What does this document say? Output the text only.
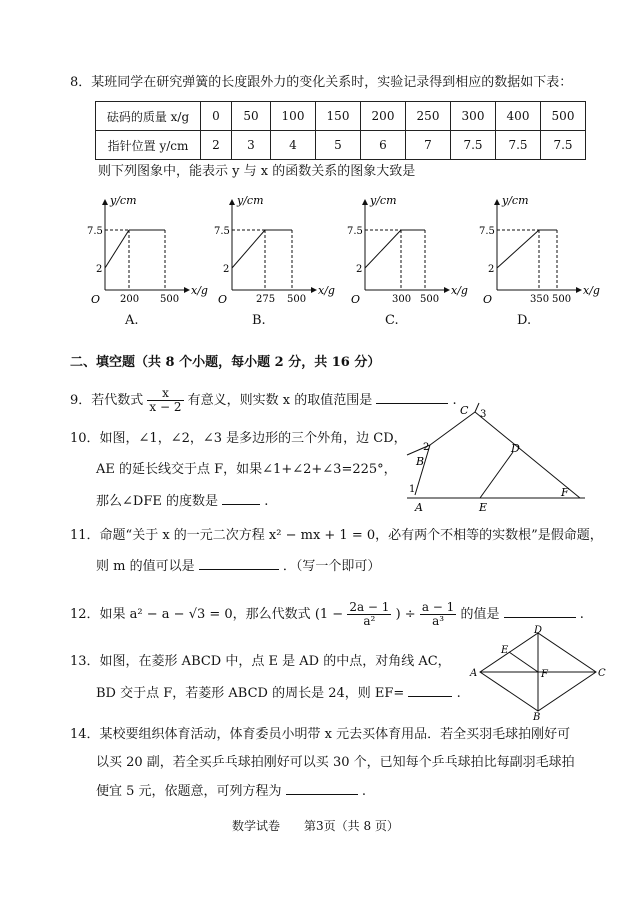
8．某班同学在研究弹簧的长度跟外力的变化关系时，实验记录得到相应的数据如下表：
砝码的质量 x/g	0	50	100	150	200	250	300	400	500
指针位置 y/cm	2	3	4	5	6	7	7.5	7.5	7.5
则下列图象中，能表示 y 与 x 的函数关系的图象大致是
y/cm
7.5
2
O 200 500
x/g
A.
y/cm
7.5
2
O	275 500
x/g
B.
y/cm
7.5
2
O	300 500
x/g
C.
y/cm
7.5
2
O	350 500
x/g
D.
二、填空题（共 8 个小题，每小题 2 分，共 16 分）
9．若代数式 $\frac{x}{x - 2}$ 有意义，则实数 x 的取值范围是	.
10．如图，∠1，∠2，∠3 是多边形的三个外角，边 CD，
AE 的延长线交于点 F，如果∠1+∠2+∠3=225°，
那么∠DFE 的度数是	.
C 3
2
B
D
1
A	E
F
11．命题“关于 x 的一元二次方程 x² − mx + 1 = 0，必有两个不相等的实数根”是假命题，
则 m 的值可以是	．（写一个即可）
12．如果 a² − a − √3 = 0，那么代数式 ($1 - \frac{2a - 1}{\text{a²}}$ ) ÷ $\frac{a - 1}{\text{a³}}$ 的值是	.
13．如图，在菱形 ABCD 中，点 E 是 AD 的中点，对角线 AC，
BD 交于点 F，若菱形 ABCD 的周长是 24，则 EF=	.
D
E
A	F	C
B
14．某校要组织体育活动，体育委员小明带 x 元去买体育用品．若全买羽毛球拍刚好可
以买 20 副，若全买乒乓球拍刚好可以买 30 个，已知每个乒乓球拍比每副羽毛球拍
便宜 5 元，依题意，可列方程为	.
数学试卷　　第3页（共 8 页）
